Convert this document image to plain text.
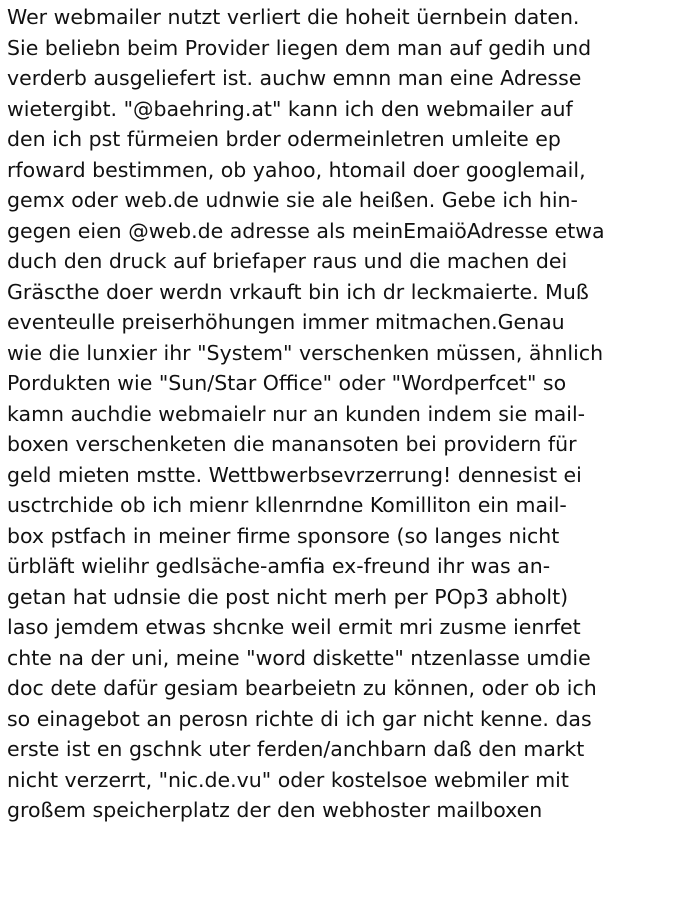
Wer webmailer nutzt verliert die hoheit üernbein daten.
Sie beliebn beim Provider liegen dem man auf gedih und
verderb ausgeliefert ist. auchw emnn man eine Adresse
wietergibt. "@baehring.at" kann ich den webmailer auf
den ich pst fürmeien brder odermeinletren umleite ep
rfoward bestimmen, ob yahoo, htomail doer googlemail,
gemx oder web.de udnwie sie ale heißen. Gebe ich hin-
gegen eien @web.de adresse als meinEmaiöAdresse etwa
duch den druck auf briefaper raus und die machen dei
Gräscthe doer werdn vrkauft bin ich dr leckmaierte. Muß
eventeulle preiserhöhungen immer mitmachen.Genau
wie die lunxier ihr "System" verschenken müssen, ähnlich
Pordukten wie "Sun/Star Office" oder "Wordperfcet" so
kamn auchdie webmaielr nur an kunden indem sie mail-
boxen verschenketen die manansoten bei providern für
geld mieten mstte. Wettbwerbsevrzerrung! dennesist ei
usctrchide ob ich mienr kllenrndne Komilliton ein mail-
box pstfach in meiner firme sponsore (so langes nicht
ürbläft wielihr gedlsäche-amfia ex-freund ihr was an-
getan hat udnsie die post nicht merh per POp3 abholt)
laso jemdem etwas shcnke weil ermit mri zusme ienrfet
chte na der uni, meine "word diskette" ntzenlasse umdie
doc dete dafür gesiam bearbeietn zu können, oder ob ich
so einagebot an perosn richte di ich gar nicht kenne. das
erste ist en gschnk uter ferden/anchbarn daß den markt
nicht verzerrt, "nic.de.vu" oder kostelsoe webmiler mit
großem speicherplatz der den webhoster mailboxen
